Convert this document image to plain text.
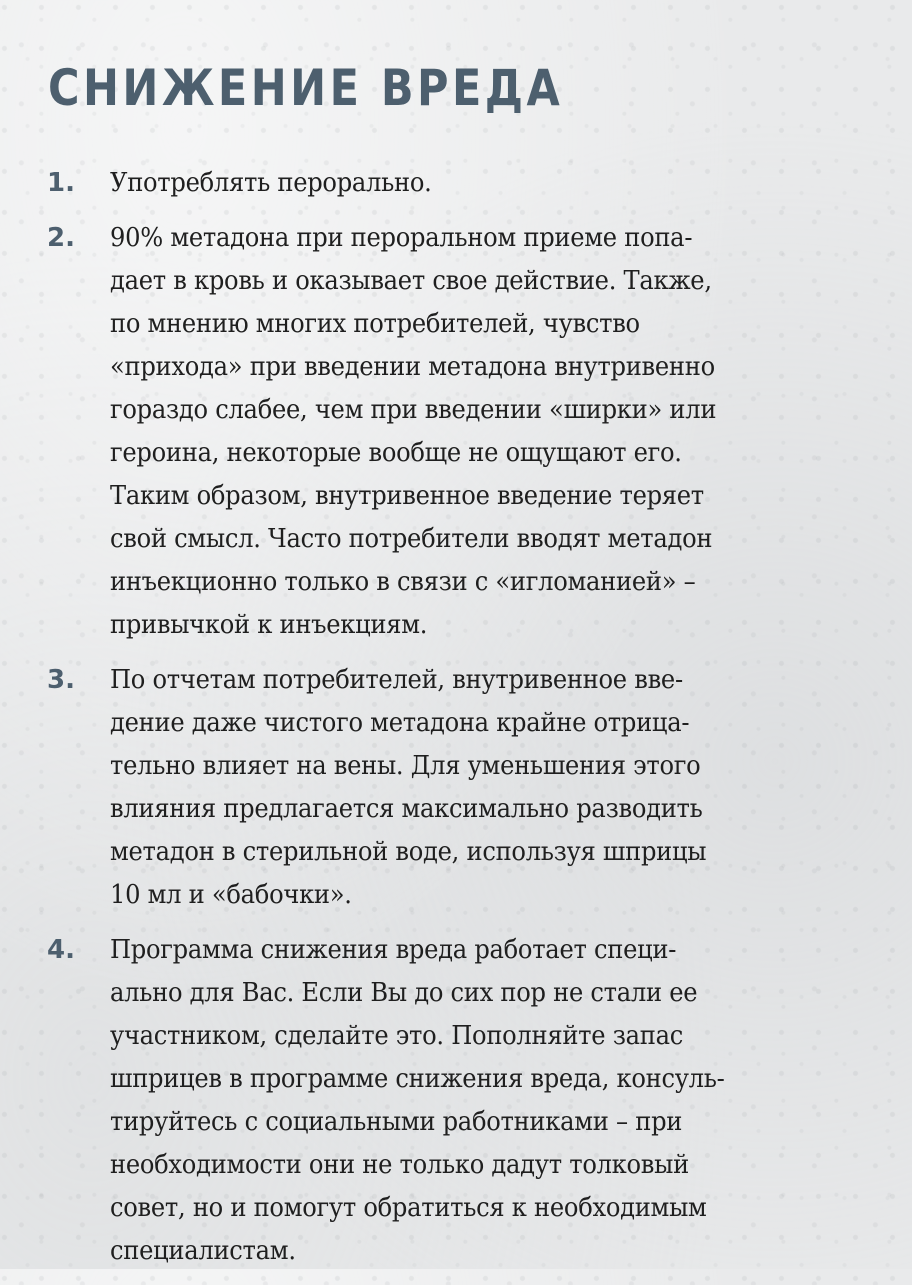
СНИЖЕНИЕ ВРЕДА
1.	Употреблять перорально.
2.	90% метадона при пероральном приеме попа-
дает в кровь и оказывает свое действие. Также,
по мнению многих потребителей, чувство
«прихода» при введении метадона внутривенно
гораздо слабее, чем при введении «ширки» или
героина, некоторые вообще не ощущают его.
Таким образом, внутривенное введение теряет
свой смысл. Часто потребители вводят метадон
инъекционно только в связи с «игломанией» –
привычкой к инъекциям.
3.	По отчетам потребителей, внутривенное вве-
дение даже чистого метадона крайне отрица-
тельно влияет на вены. Для уменьшения этого
влияния предлагается максимально разводить
метадон в стерильной воде, используя шприцы
10 мл и «бабочки».
4.	Программа снижения вреда работает специ-
ально для Вас. Если Вы до сих пор не стали ее
участником, сделайте это. Пополняйте запас
шприцев в программе снижения вреда, консуль-
тируйтесь с социальными работниками – при
необходимости они не только дадут толковый
совет, но и помогут обратиться к необходимым
специалистам.
